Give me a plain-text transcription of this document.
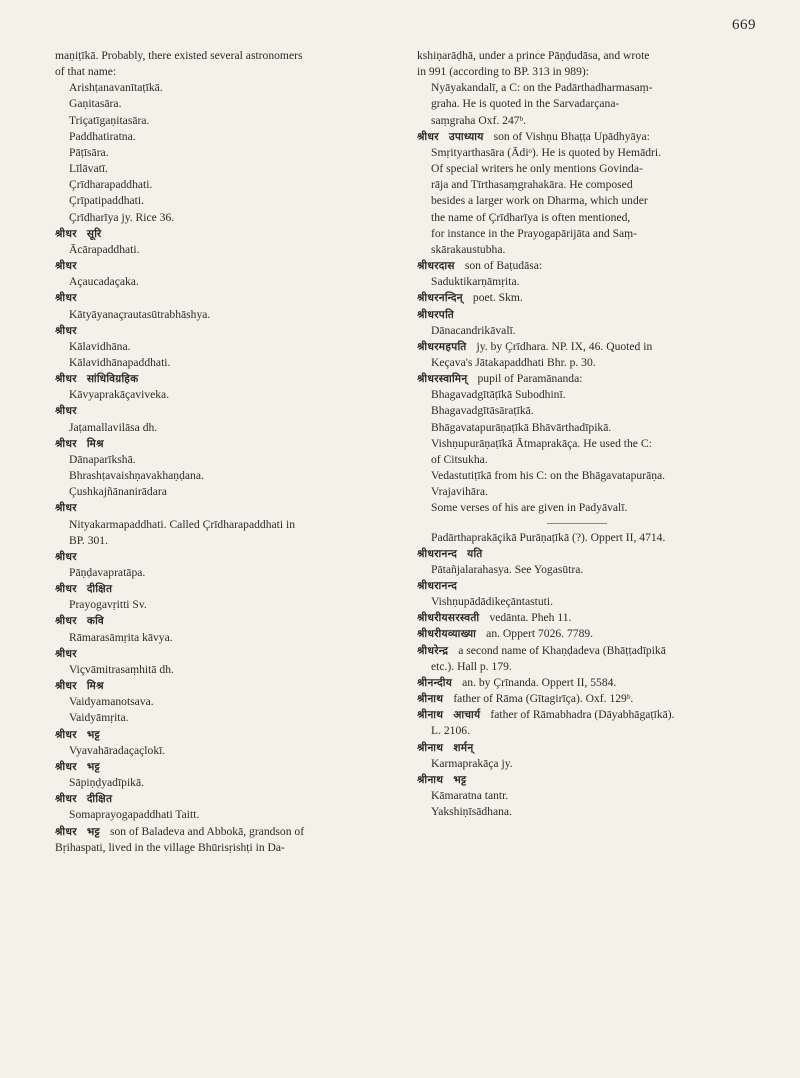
669
maṇiṭīkā. Probably, there existed several astronomers
of that name:
Arishṭanavanītaṭīkā.
Gaṇitasāra.
Triçatīgaṇitasāra.
Paddhatiratna.
Pāṭīsāra.
Līlāvatī.
Çrīdharapaddhati.
Çrīpatipaddhati.
Çrīdharīya jy. Rice 36.
श्रीधर सूरि
Ācārapaddhati.
श्रीधर
Açaucadaçaka.
श्रीधर
Kātyāyanaçrautasūtrabhāshya.
श्रीधर
Kālavidhāna.
Kālavidhānapaddhati.
श्रीधर सांधिविग्रहिक
Kāvyaprakāçaviveka.
श्रीधर
Jaṭamallavilāsa dh.
श्रीधर मिश्र
Dānaparīkshā.
Bhrashṭavaishṇavakhaṇḍana.
Çushkajñānanirādara
श्रीधर
Nityakarmapaddhati. Called Çrīdharapaddhati in
BP. 301.
श्रीधर
Pāṇḍavapratāpa.
श्रीधर दीक्षित
Prayogavṛitti Sv.
श्रीधर कवि
Rāmarasāmṛita kāvya.
श्रीधर
Viçvāmitrasaṃhitā dh.
श्रीधर मिश्र
Vaidyamanotsava.
Vaidyāmṛita.
श्रीधर भट्ट
Vyavahāradaçaçlokī.
श्रीधर भट्ट
Sāpiṇḍyadīpikā.
श्रीधर दीक्षित
Somaprayogapaddhati Taitt.
श्रीधर भट्ट son of Baladeva and Abbokā, grandson of
Bṛihaspati, lived in the village Bhūrisṛishṭi in Da-
kshiṇarāḍhā, under a prince Pāṇḍudāsa, and wrote
in 991 (according to BP. 313 in 989):
Nyāyakandalī, a C: on the Padārthadharmasaṃ-
graha. He is quoted in the Sarvadarçana-
saṃgraha Oxf. 247ᵇ.
श्रीधर उपाध्याय son of Vishṇu Bhaṭṭa Upādhyāya:
Smṛityarthasāra (Ādiᵒ). He is quoted by Hemādri.
Of special writers he only mentions Govinda-
rāja and Tīrthasaṃgrahakāra. He composed
besides a larger work on Dharma, which under
the name of Çrīdharīya is often mentioned,
for instance in the Prayogapārijāta and Saṃ-
skārakaustubha.
श्रीधरदास son of Baṭudāsa:
Saduktikarṇāmṛita.
श्रीधरनन्दिन् poet. Skm.
श्रीधरपति
Dānacandrikāvalī.
श्रीधरमहपति jy. by Çrīdhara. NP. IX, 46. Quoted in
Keçava's Jātakapaddhati Bhr. p. 30.
श्रीधरस्वामिन् pupil of Paramānanda:
Bhagavadgītāṭīkā Subodhinī.
Bhagavadgītāsāraṭīkā.
Bhāgavatapurāṇaṭīkā Bhāvārthadīpikā.
Vishṇupurāṇaṭīkā Ātmaprakāça. He used the C:
of Citsukha.
Vedastutiṭīkā from his C: on the Bhāgavatapurāṇa.
Vrajavihāra.
Some verses of his are given in Padyāvalī.
Padārthaprakāçikā Purāṇaṭīkā (?). Oppert II, 4714.
श्रीधरानन्द यति
Pātañjalarahasya. See Yogasūtra.
श्रीधरानन्द
Vishṇupādādikeçāntastuti.
श्रीधरीयसरस्वती vedānta. Pheh 11.
श्रीधरीयव्याख्या an. Oppert 7026. 7789.
श्रीधरेन्द्र a second name of Khaṇḍadeva (Bhāṭṭadīpikā
etc.). Hall p. 179.
श्रीनन्दीय an. by Çrīnanda. Oppert II, 5584.
श्रीनाथ father of Rāma (Gītagirīça). Oxf. 129ᵇ.
श्रीनाथ आचार्य father of Rāmabhadra (Dāyabhāgaṭīkā).
L. 2106.
श्रीनाथ शर्मन्
Karmaprakāça jy.
श्रीनाथ भट्ट
Kāmaratna tantr.
Yakshiṇīsādhana.
